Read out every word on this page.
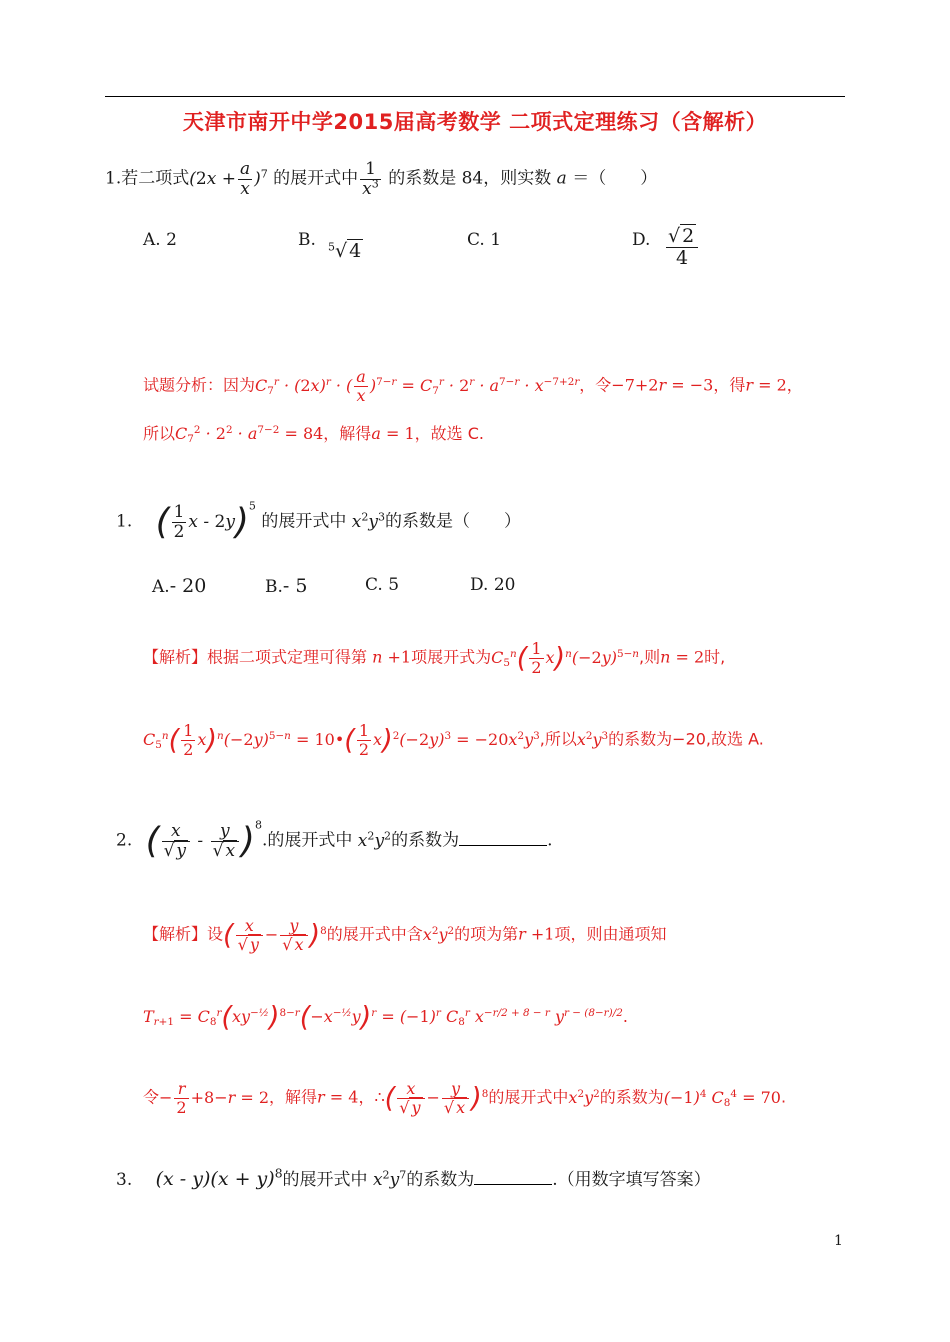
天津市南开中学2015届高考数学 二项式定理练习（含解析）
1.若二项式$(2x + \frac{a}{x} )^7$ 的展开式中 $\frac{1}{x^3}$ 的系数是 84，则实数 a ＝（　　）
A. 2	B. $^5$√ 4	C. 1	D. $\frac{√ 2}{4}$
试题分析：因为$C_7^r \cdot (2x)^r$ · ( $\frac{a}{x} )^{7-r} = C_7^r \cdot 2^r \cdot a^{7-r} \cdot x^{-7+2r}$，令−7+2r = −3，得r = 2，
所以$C_7^2 \cdot 2^2 \cdot a^{7-2} = 84$，解得a = 1，故选 C.
1. ( $\frac{1}{2}$ x - 2y)$^5$ 的展开式中 $x^2y^3$的系数是（　　）
A.- 20	B.- 5	C. 5	D. 20
【解析】根据二项式定理可得第 n +1项展开式为$C_5^n( \frac{1}{2} x)^n(-2y)^{5-n}$,则n = 2时,
$C_5^n( \frac{1}{2} x)^n(-2y)^{5-n}$ = 10•( $\frac{1}{2} x)^2(-2y)^3 = -20x^2y^3$,所以$x^2y^3$的系数为−20,故选 A.
2. ( $\frac{x}{√ y} - \frac{y}{√ x} )^8$.的展开式中 $x^2y^2$的系数为	.
【解析】设( $\frac{x}{√ y} - \frac{y}{√ x} )^8$的展开式中含$x^2y^2$的项为第r +1项，则由通项知
$T_{r+1} = C_8^r(xy^{-\frac{1}{2}})^{8-r}(-x^{-\frac{1}{2}}y)^r = (-1)^r$ $C_8^r$ $x^{-r/2 + 8 - r}$ $y^{r - (8-r)/2}$.
令− $\frac{r}{2} +8-r = 2$，解得r = 4，∴( $\frac{x}{√ y} - \frac{y}{√ x} )^8$的展开式中$x^2y^2$的系数为$(-1)^4$ $C_8^4 = 70$.
3. $(x - y)(x + y)^8$的展开式中 $x^2y^7$的系数为	.（用数字填写答案）
1
